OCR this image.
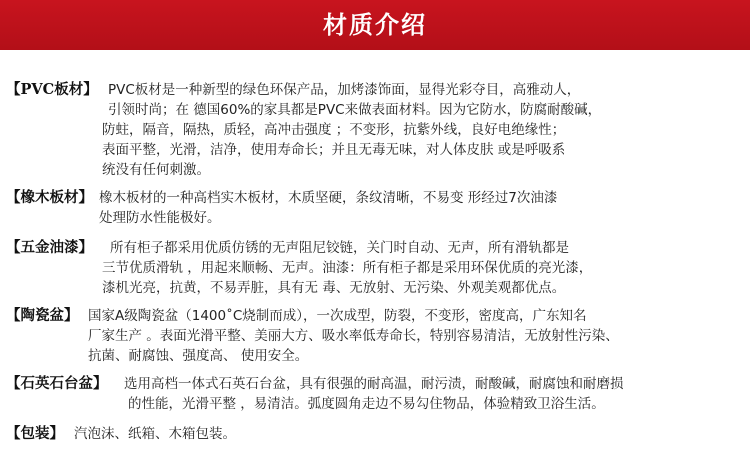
材质介绍
【PVC板材】 PVC板材是一种新型的绿色环保产品，加烤漆饰面，显得光彩夺目，高雅动人，
引领时尚；在 德国60%的家具都是PVC来做表面材料。因为它防水，防腐耐酸碱，
防蛀，隔音，隔热，质轻，高冲击强度 ；不变形，抗紫外线，良好电绝缘性；
表面平整，光滑，洁净，使用寿命长；并且无毒无味，对人体皮肤 或是呼吸系
统没有任何刺激。
【橡木板材】 橡木板材的一种高档实木板材，木质坚硬，条纹清晰，不易变 形经过7次油漆
处理防水性能极好。
【五金油漆】 所有柜子都采用优质仿锈的无声阻尼铰链，关门时自动、无声，所有滑轨都是
三节优质滑轨 ，用起来顺畅、无声。油漆：所有柜子都是采用环保优质的亮光漆，
漆机光亮，抗黄，不易弄脏，具有无 毒、无放射、无污染、外观美观都优点。
【陶瓷盆】 国家A级陶瓷盆（1400˚C烧制而成），一次成型，防裂，不变形，密度高，广东知名
厂家生产 。表面光滑平整、美丽大方、吸水率低寿命长，特别容易清洁，无放射性污染、
抗菌、耐腐蚀、强度高、 使用安全。
【石英石台盆】 选用高档一体式石英石台盆，具有很强的耐高温，耐污渍，耐酸碱，耐腐蚀和耐磨损
的性能，光滑平整 ，易清洁。弧度圆角走边不易勾住物品，体验精致卫浴生活。
【包装】 汽泡沫、纸箱、木箱包装。
